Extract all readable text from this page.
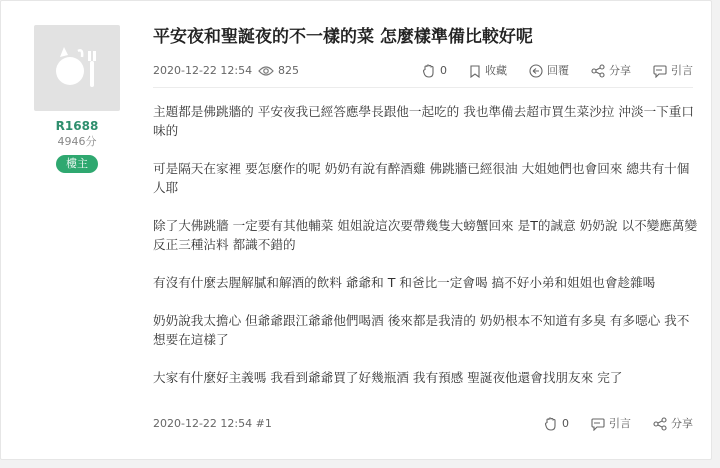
R1688
4946分
樓主
平安夜和聖誕夜的不一樣的菜 怎麼樣準備比較好呢
2020-12-22 12:54 825	0	收藏	回覆	分享	引言

主題都是佛跳牆的 平安夜我已經答應學長跟他一起吃的 我也準備去超市買生菜沙拉 沖淡一下重口味的

可是隔天在家裡 要怎麼作的呢 奶奶有說有醉酒雞 佛跳牆已經很油 大姐她們也會回來 總共有十個人耶

除了大佛跳牆 一定要有其他輔菜 姐姐說這次要帶幾隻大螃蟹回來 是T的誠意 奶奶說 以不變應萬變 反正三種沾料 都識不錯的

有沒有什麼去腥解膩和解酒的飲料 爺爺和 T 和爸比一定會喝 搞不好小弟和姐姐也會趁雜喝

奶奶說我太擔心 但爺爺跟江爺爺他們喝酒 後來都是我清的 奶奶根本不知道有多臭 有多噁心 我不想要在這樣了

大家有什麼好主義嗎 我看到爺爺買了好幾瓶酒 我有預感 聖誕夜他還會找朋友來 完了

2020-12-22 12:54 #1	0	引言	分享
